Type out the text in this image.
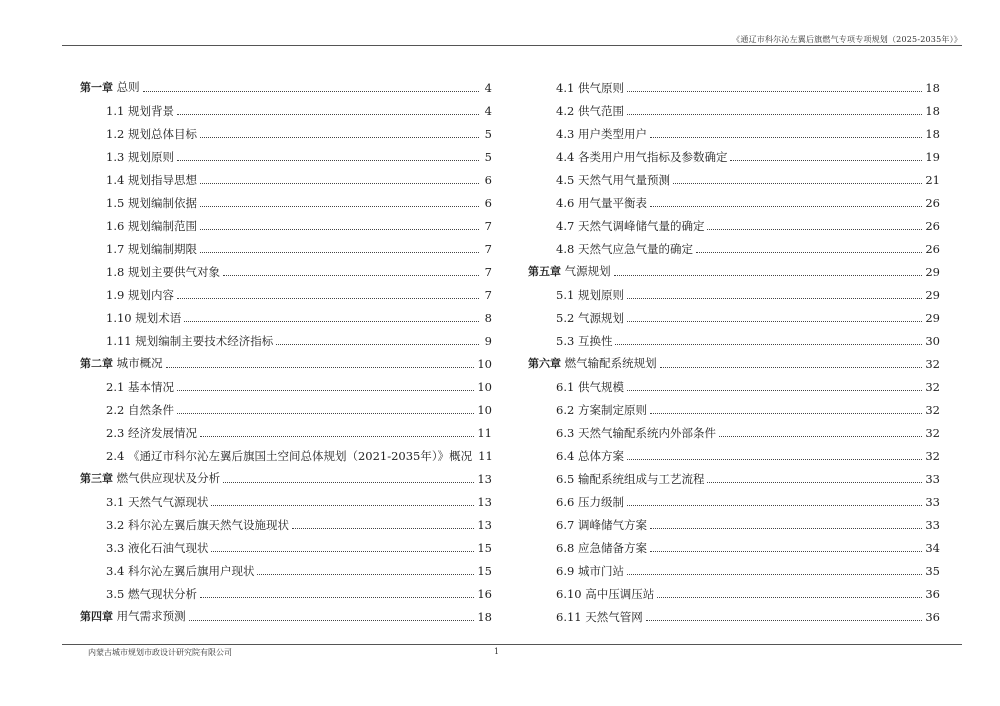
《通辽市科尔沁左翼后旗燃气专项专项规划（2025-2035年）》
第一章 总则	4
1.1 规划背景	4
1.2 规划总体目标	5
1.3 规划原则	5
1.4 规划指导思想	6
1.5 规划编制依据	6
1.6 规划编制范围	7
1.7 规划编制期限	7
1.8 规划主要供气对象	7
1.9 规划内容	7
1.10 规划术语	8
1.11 规划编制主要技术经济指标	9
第二章 城市概况	10
2.1 基本情况	10
2.2 自然条件	10
2.3 经济发展情况	11
2.4 《通辽市科尔沁左翼后旗国土空间总体规划（2021-2035年）》概况 11
第三章 燃气供应现状及分析	13
3.1 天然气气源现状	13
3.2 科尔沁左翼后旗天然气设施现状	13
3.3 液化石油气现状	15
3.4 科尔沁左翼后旗用户现状	15
3.5 燃气现状分析	16
第四章 用气需求预测	18
4.1 供气原则	18
4.2 供气范围	18
4.3 用户类型用户	18
4.4 各类用户用气指标及参数确定	19
4.5 天然气用气量预测	21
4.6 用气量平衡表	26
4.7 天然气调峰储气量的确定	26
4.8 天然气应急气量的确定	26
第五章 气源规划	29
5.1 规划原则	29
5.2 气源规划	29
5.3 互换性	30
第六章 燃气输配系统规划	32
6.1 供气规模	32
6.2 方案制定原则	32
6.3 天然气输配系统内外部条件	32
6.4 总体方案	32
6.5 输配系统组成与工艺流程	33
6.6 压力级制	33
6.7 调峰储气方案	33
6.8 应急储备方案	34
6.9 城市门站	35
6.10 高中压调压站	36
6.11 天然气管网	36
内蒙古城市规划市政设计研究院有限公司	1
